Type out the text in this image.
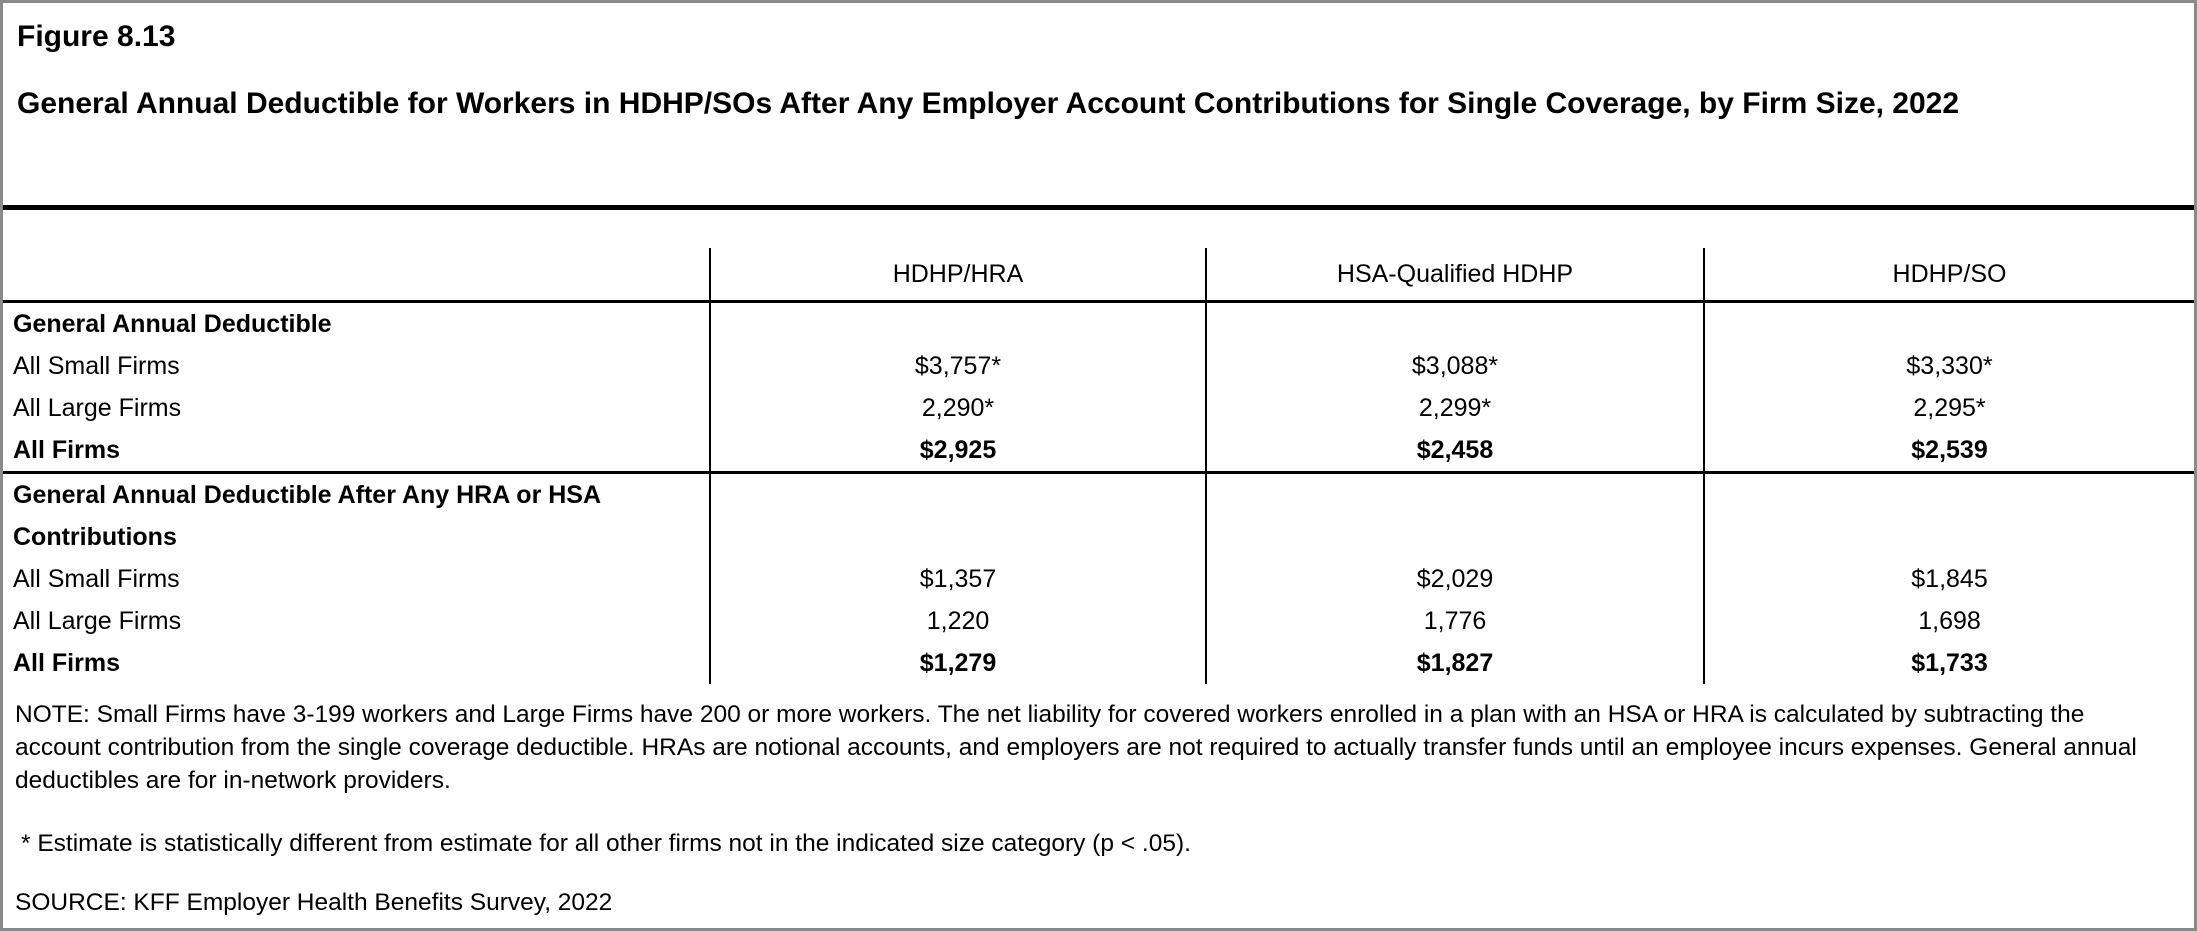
Figure 8.13
General Annual Deductible for Workers in HDHP/SOs After Any Employer Account Contributions for Single Coverage, by Firm Size, 2022
HDHP/HRA	HSA-Qualified HDHP	HDHP/SO
General Annual Deductible
All Small Firms	$3,757*	$3,088*	$3,330*
All Large Firms	2,290*	2,299*	2,295*
All Firms	$2,925	$2,458	$2,539
General Annual Deductible After Any HRA or HSA Contributions
All Small Firms	$1,357	$2,029	$1,845
All Large Firms	1,220	1,776	1,698
All Firms	$1,279	$1,827	$1,733
NOTE: Small Firms have 3-199 workers and Large Firms have 200 or more workers. The net liability for covered workers enrolled in a plan with an HSA or HRA is calculated by subtracting the account contribution from the single coverage deductible. HRAs are notional accounts, and employers are not required to actually transfer funds until an employee incurs expenses. General annual deductibles are for in-network providers.
* Estimate is statistically different from estimate for all other firms not in the indicated size category (p < .05).
SOURCE: KFF Employer Health Benefits Survey, 2022
